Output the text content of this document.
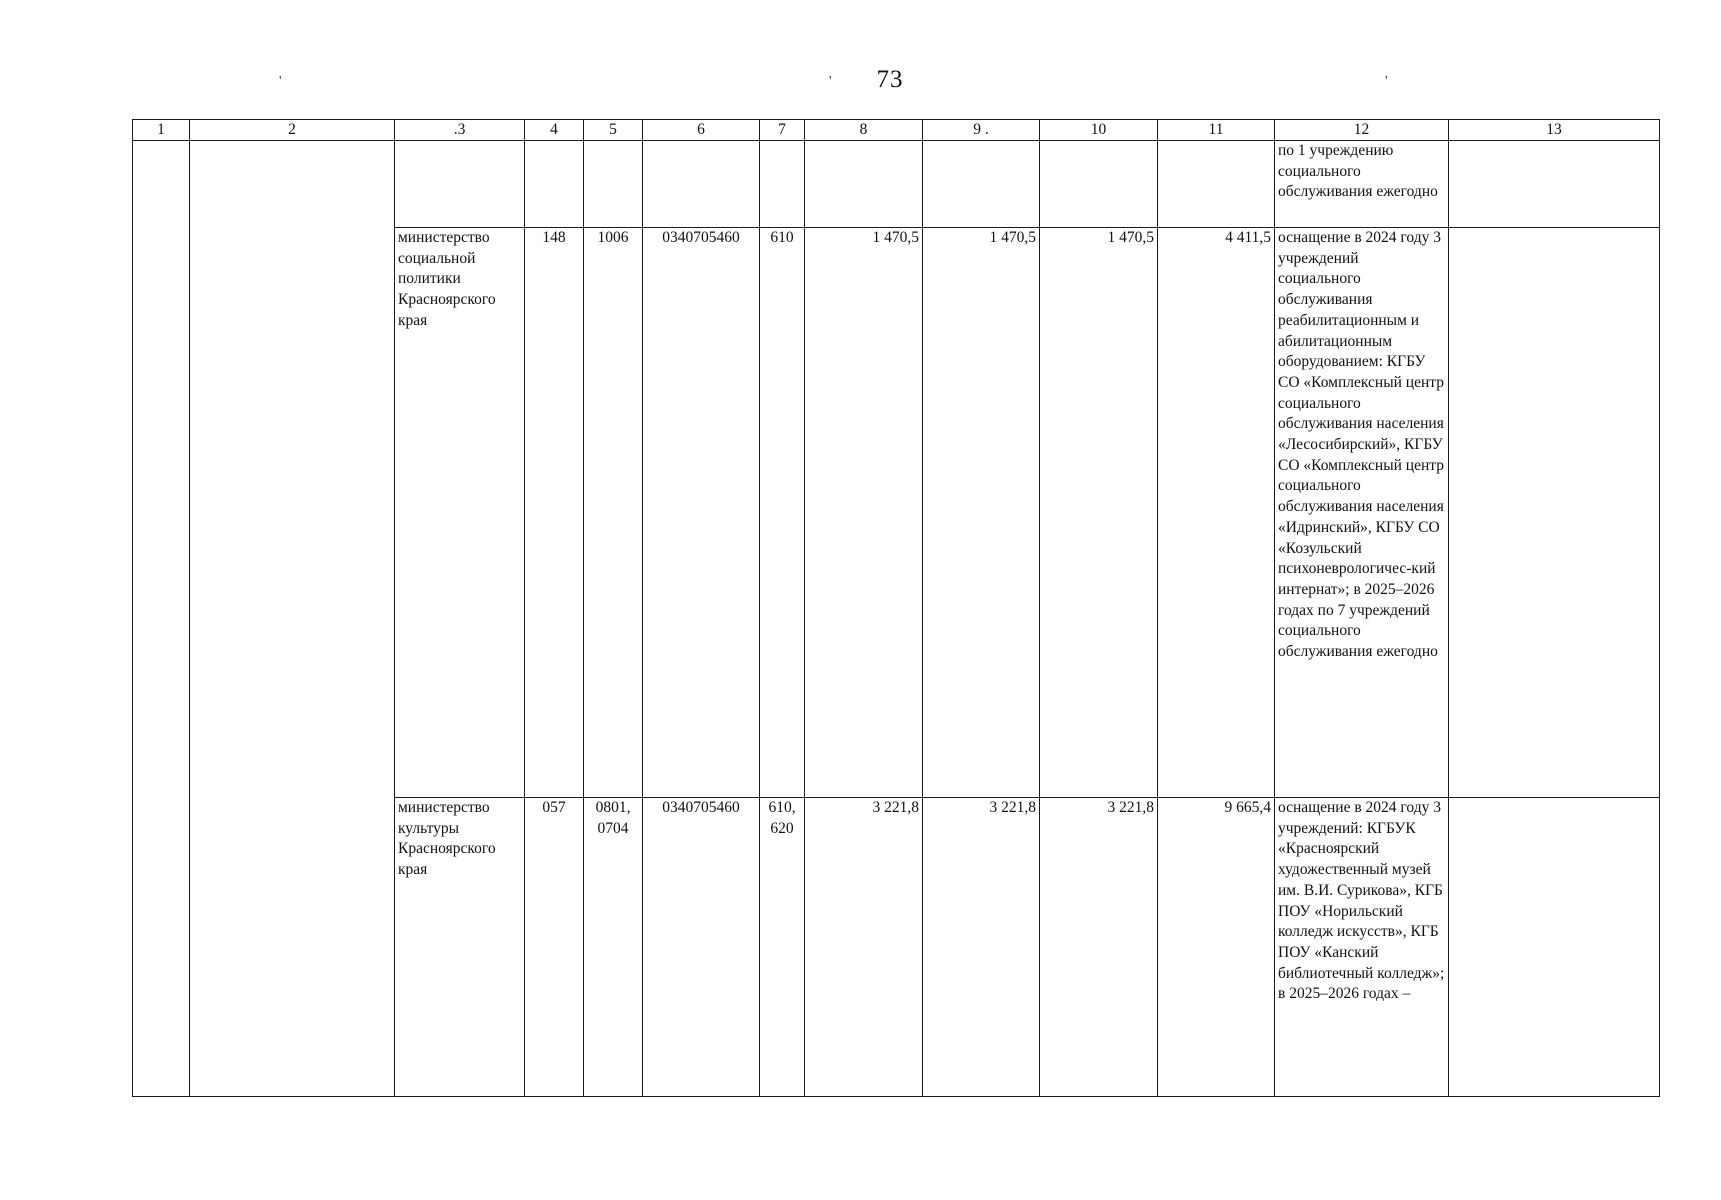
73
'	'	'
1	2	.3	4	5	6	7	8	9 .	10	11	12	13
											по 1 учреждению социального обслуживания ежегодно	
		министерство социальной политики Красноярского края	148	1006	0340705460	610	1 470,5	1 470,5	1 470,5	4 411,5	оснащение в 2024 году 3 учреждений социального обслуживания реабилитационным и абилитационным оборудованием: КГБУ СО «Комплексный центр социального обслуживания населения «Лесосибирский», КГБУ СО «Комплексный центр социального обслуживания населения «Идринский», КГБУ СО «Козульский психоневрологичес-кий интернат»; в 2025–2026 годах по 7 учреждений социального обслуживания ежегодно	
		министерство культуры Красноярского края	057	0801, 0704	0340705460	610, 620	3 221,8	3 221,8	3 221,8	9 665,4	оснащение в 2024 году 3 учреждений: КГБУК «Красноярский художественный музей им. В.И. Сурикова», КГБ ПОУ «Норильский колледж искусств», КГБ ПОУ «Канский библиотечный колледж»; в 2025–2026 годах –	
